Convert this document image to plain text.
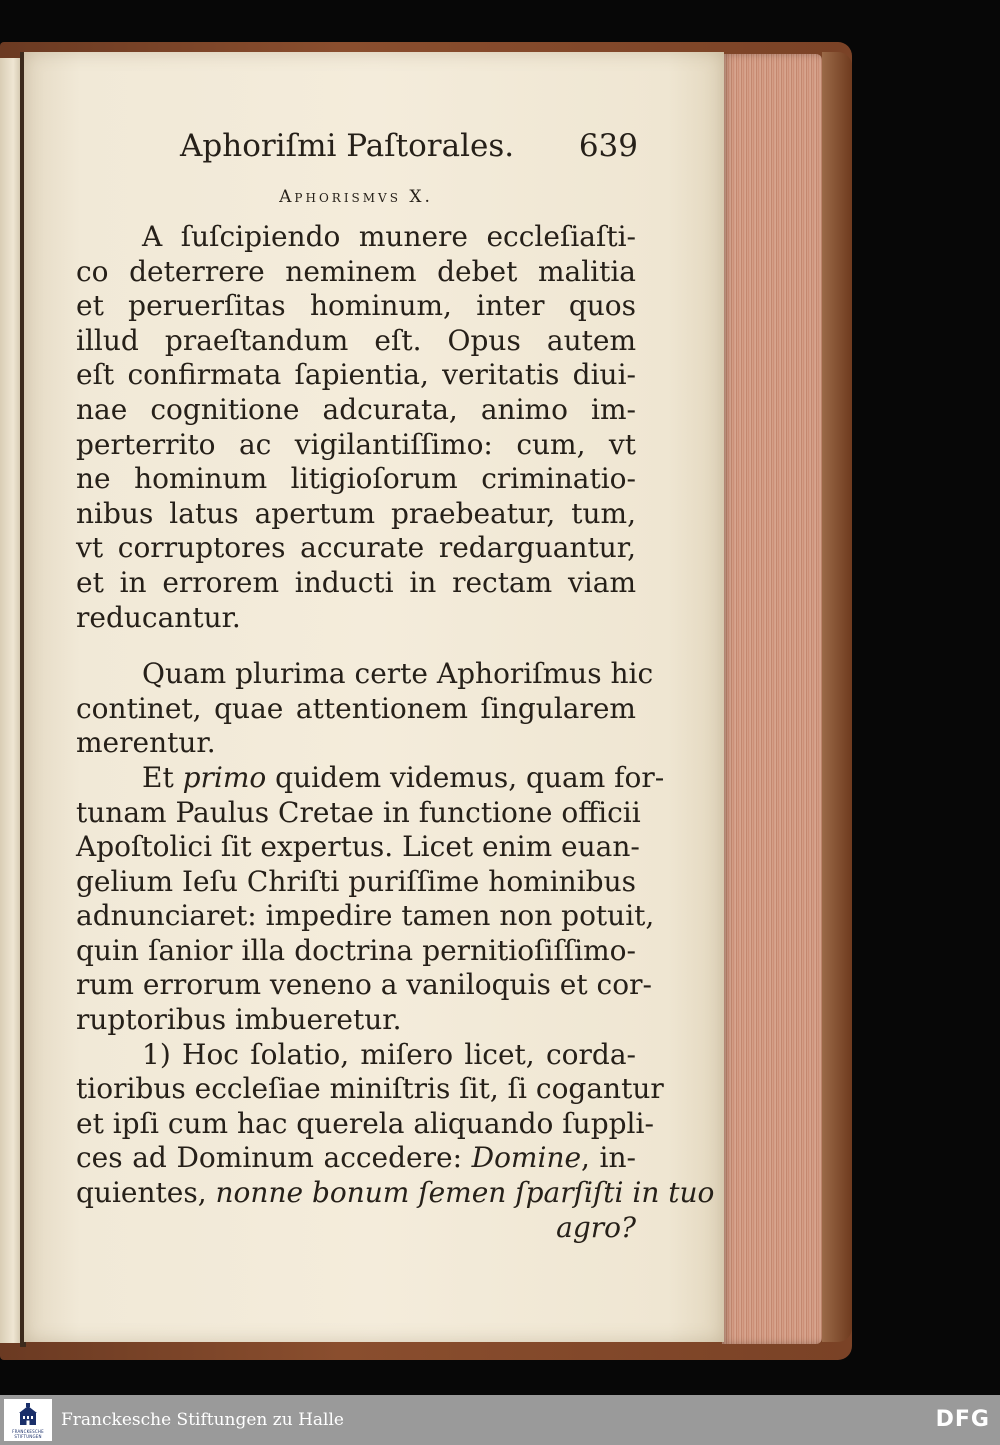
Aphoriſmi Paſtorales. 639
Aphorismvs X.
A ſuſcipiendo munere eccleſiaſti-
co deterrere neminem debet malitia
et peruerſitas hominum, inter quos
illud praeſtandum eſt. Opus autem
eſt confirmata ſapientia, veritatis diui-
nae cognitione adcurata, animo im-
perterrito ac vigilantiſſimo: cum, vt
ne hominum litigioſorum criminatio-
nibus latus apertum praebeatur, tum,
vt corruptores accurate redarguantur,
et in errorem inducti in rectam viam
reducantur.
Quam plurima certe Aphoriſmus hic
continet, quae attentionem ſingularem
merentur.
Et primo quidem videmus, quam for-
tunam Paulus Cretae in functione officii
Apoſtolici ſit expertus. Licet enim euan-
gelium Ieſu Chriſti puriſſime hominibus
adnunciaret: impedire tamen non potuit,
quin ſanior illa doctrina pernitioſiſſimo-
rum errorum veneno a vaniloquis et cor-
ruptoribus imbueretur.
1) Hoc ſolatio, miſero licet, corda-
tioribus eccleſiae miniſtris ſit, ſi cogantur
et ipſi cum hac querela aliquando ſuppli-
ces ad Dominum accedere: Domine, in-
quientes, nonne bonum ſemen ſparſiſti in tuo
agro?
FRANCKESCHE STIFTUNGEN
Franckesche Stiftungen zu Halle	DFG
